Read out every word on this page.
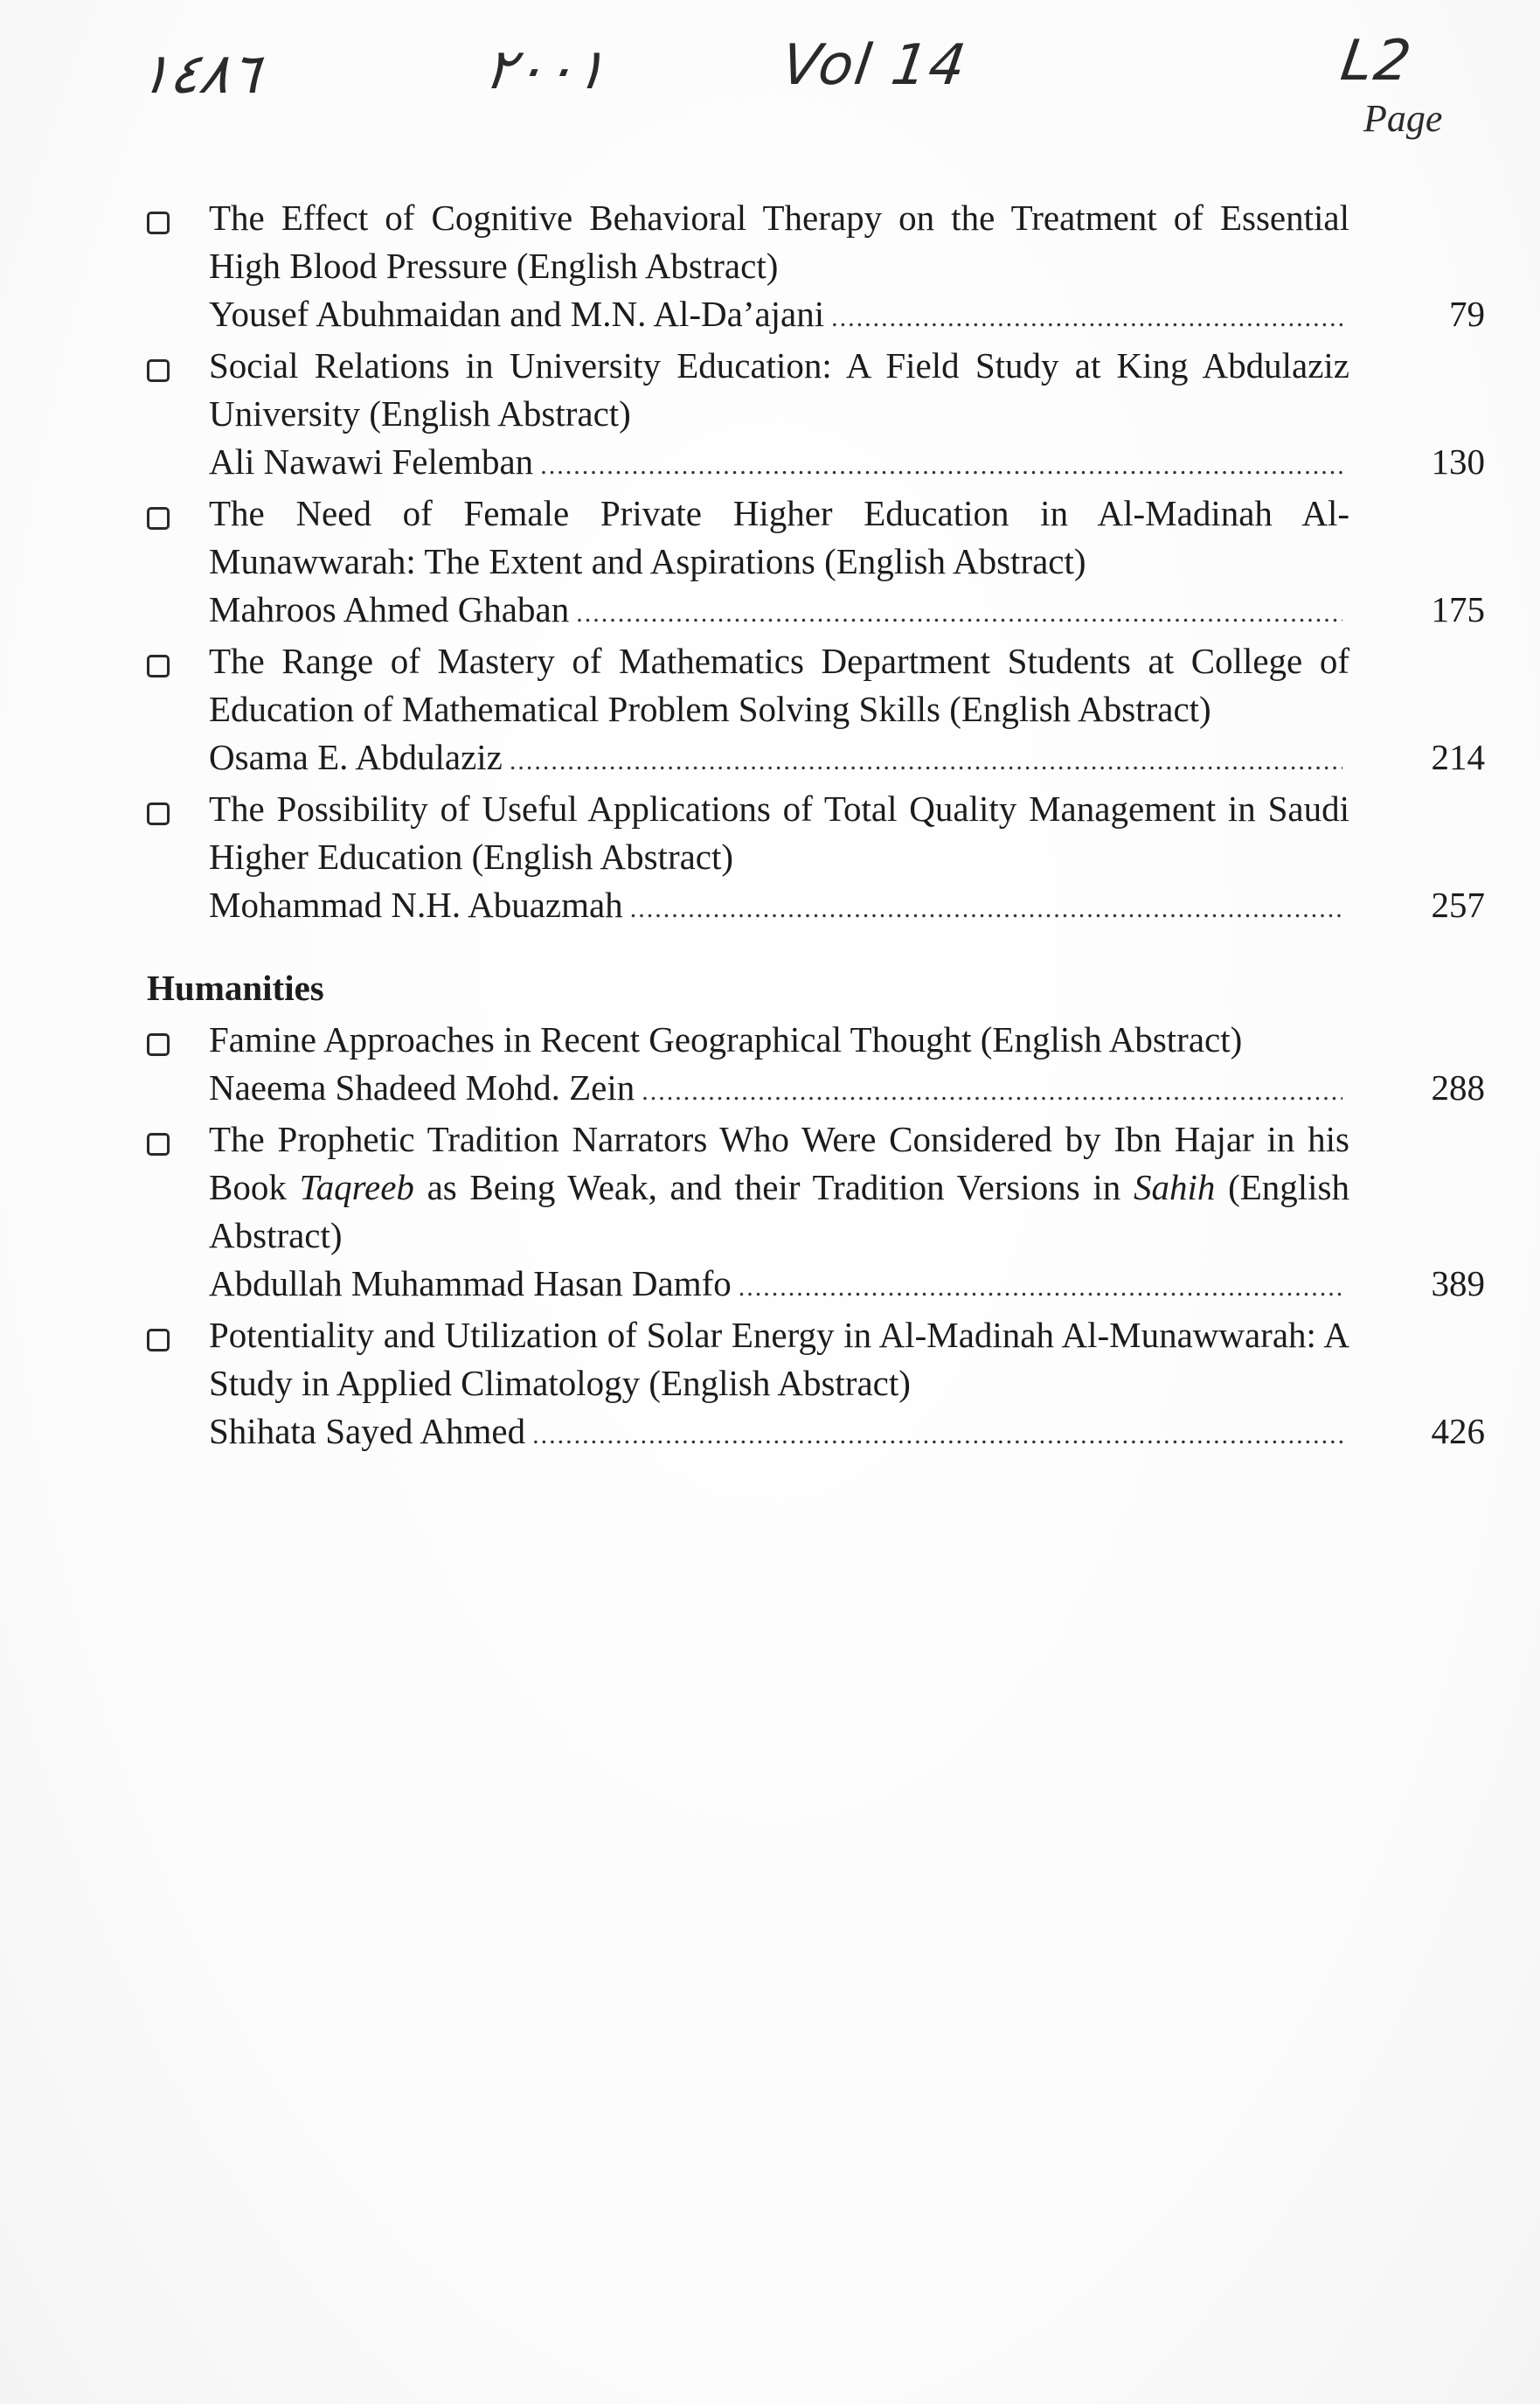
١٤٨٦	٢٠٠١	Vol 14	L2
Page
The Effect of Cognitive Behavioral Therapy on the Treatment of Essential High Blood Pressure (English Abstract)
Yousef Abuhmaidan and M.N. Al-Da’ajani .....	79
Social Relations in University Education: A Field Study at King Abdulaziz University (English Abstract)
Ali Nawawi Felemban .....	130
The Need of Female Private Higher Education in Al-Madinah Al-Munawwarah: The Extent and Aspirations (English Abstract)
Mahroos Ahmed Ghaban .....	175
The Range of Mastery of Mathematics Department Students at College of Education of Mathematical Problem Solving Skills (English Abstract)
Osama E. Abdulaziz .....	214
The Possibility of Useful Applications of Total Quality Management in Saudi Higher Education (English Abstract)
Mohammad N.H. Abuazmah .....	257
Humanities
Famine Approaches in Recent Geographical Thought (English Abstract)
Naeema Shadeed Mohd. Zein .....	288
The Prophetic Tradition Narrators Who Were Considered by Ibn Hajar in his Book Taqreeb as Being Weak, and their Tradition Versions in Sahih (English Abstract)
Abdullah Muhammad Hasan Damfo .....	389
Potentiality and Utilization of Solar Energy in Al-Madinah Al-Munawwarah: A Study in Applied Climatology (English Abstract)
Shihata Sayed Ahmed .....	426
